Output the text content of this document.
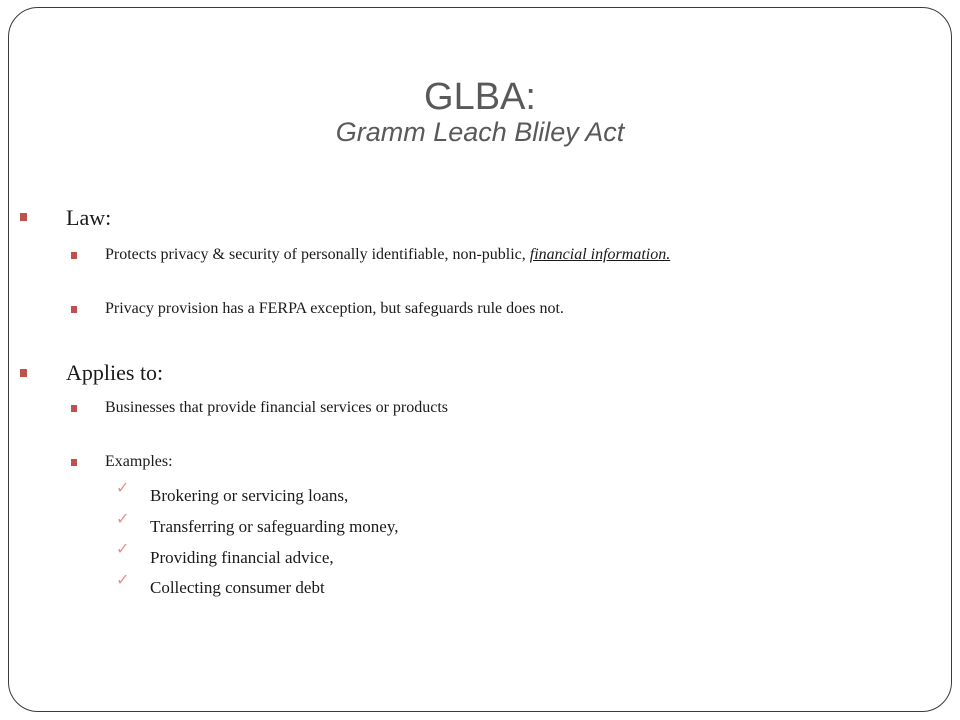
GLBA:
Gramm Leach Bliley Act
Law:
Protects privacy & security of personally identifiable, non-public, financial information.
Privacy provision has a FERPA exception, but safeguards rule does not.
Applies to:
Businesses that provide financial services or products
Examples:
✓ Brokering or servicing loans,
✓ Transferring or safeguarding money,
✓ Providing financial advice,
✓ Collecting consumer debt
